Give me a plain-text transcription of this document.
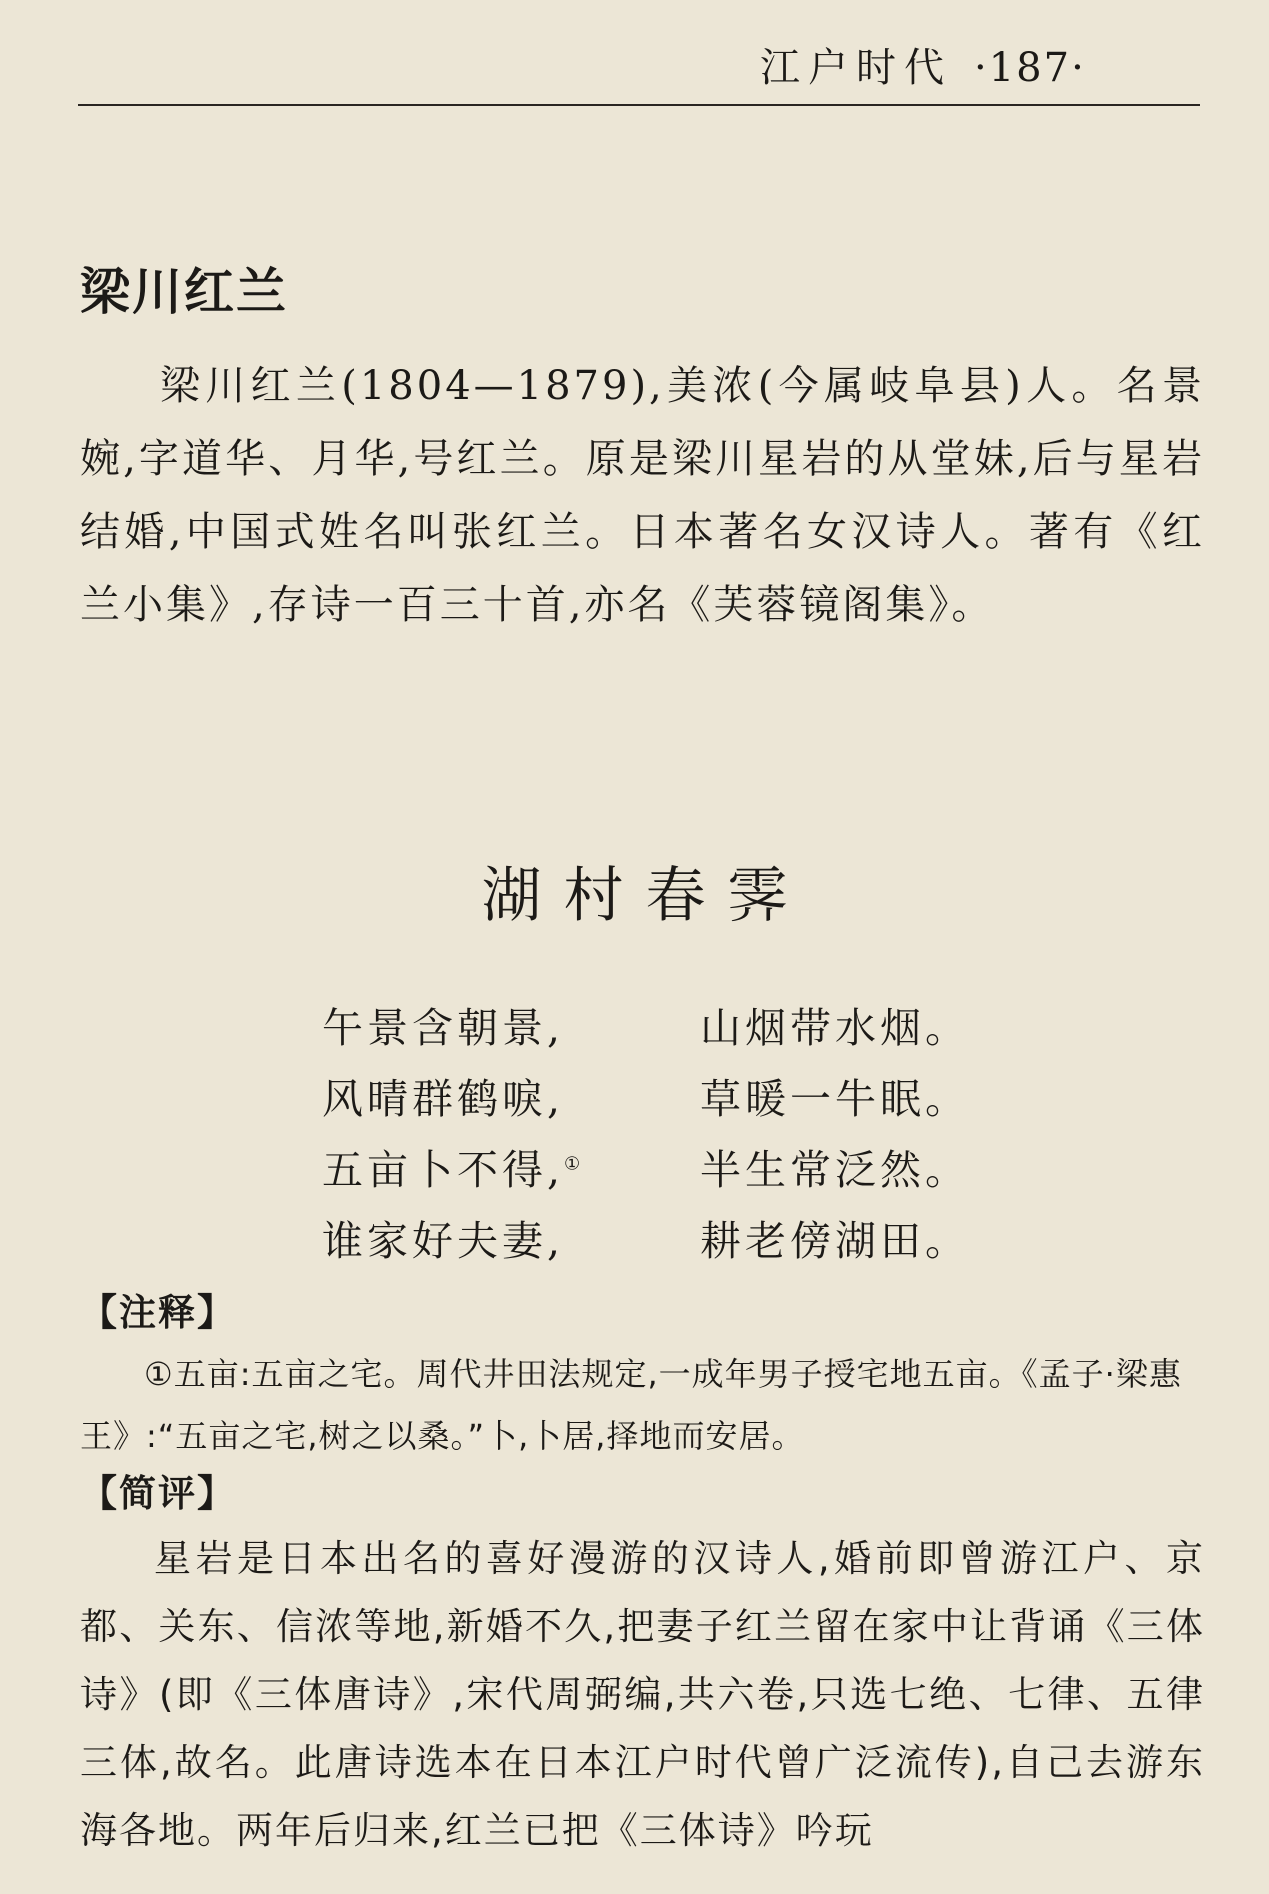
江户时代 ·187·
梁川红兰

梁川红兰(1804—1879),美浓(今属岐阜县)人。名景婉,字道华、月华,号红兰。原是梁川星岩的从堂妹,后与星岩结婚,中国式姓名叫张红兰。日本著名女汉诗人。著有《红兰小集》,存诗一百三十首,亦名《芙蓉镜阁集》。

湖村春霁
午景含朝景,	山烟带水烟。
风晴群鹤唳,	草暖一牛眠。
五亩卜不得,①	半生常泛然。
谁家好夫妻,	耕老傍湖田。
【注释】

①五亩:五亩之宅。周代井田法规定,一成年男子授宅地五亩。《孟子·梁惠王》:“五亩之宅,树之以桑。”卜,卜居,择地而安居。

【简评】

星岩是日本出名的喜好漫游的汉诗人,婚前即曾游江户、京都、关东、信浓等地,新婚不久,把妻子红兰留在家中让背诵《三体诗》(即《三体唐诗》,宋代周弼编,共六卷,只选七绝、七律、五律三体,故名。此唐诗选本在日本江户时代曾广泛流传),自己去游东海各地。两年后归来,红兰已把《三体诗》吟玩
